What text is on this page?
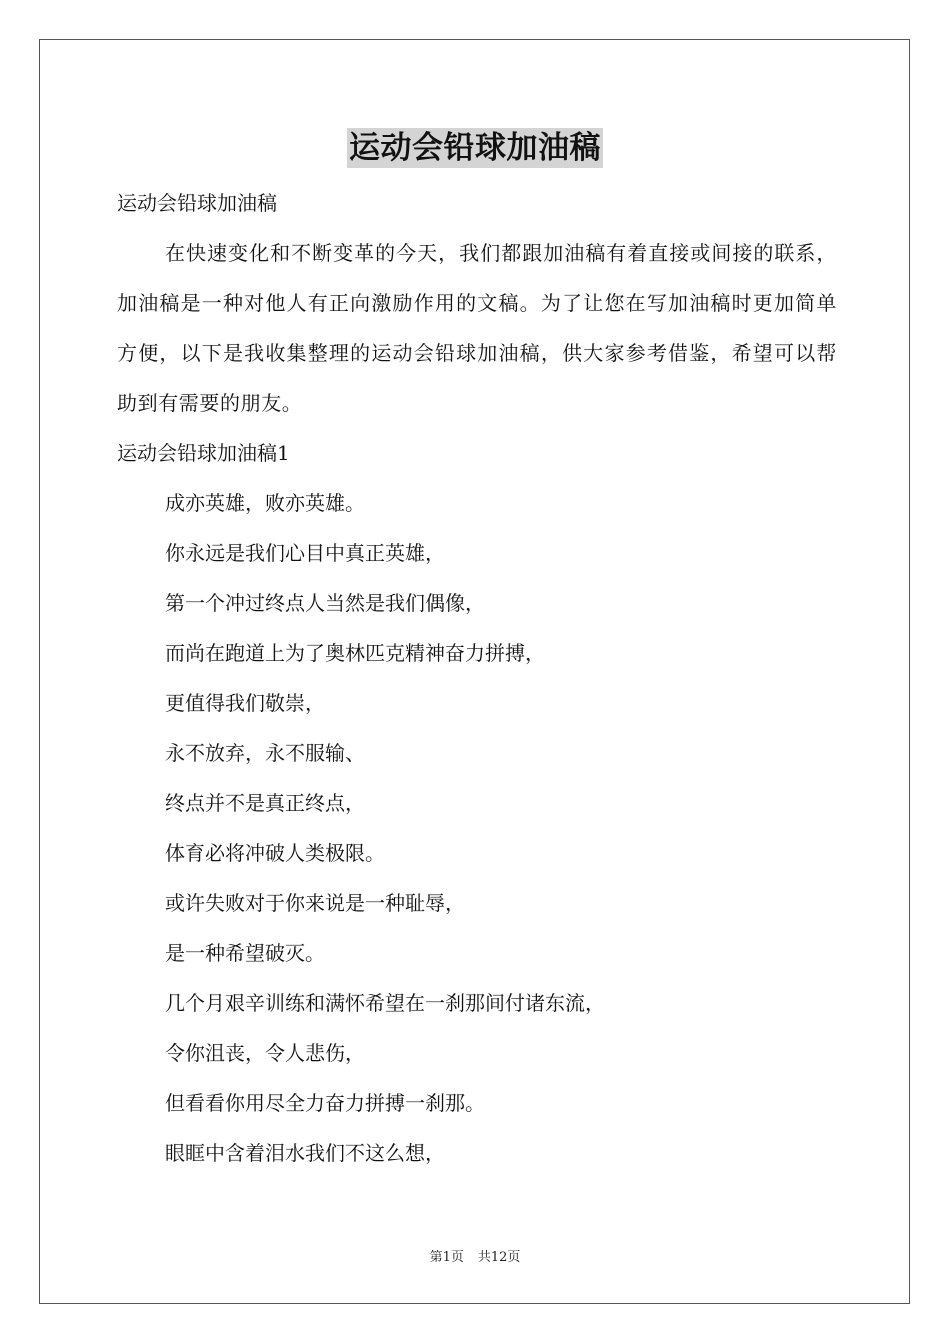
运动会铅球加油稿

运动会铅球加油稿

在快速变化和不断变革的今天，我们都跟加油稿有着直接或间接的联系，加油稿是一种对他人有正向激励作用的文稿。为了让您在写加油稿时更加简单方便，以下是我收集整理的运动会铅球加油稿，供大家参考借鉴，希望可以帮助到有需要的朋友。

运动会铅球加油稿1

成亦英雄，败亦英雄。

你永远是我们心目中真正英雄，

第一个冲过终点人当然是我们偶像，

而尚在跑道上为了奥林匹克精神奋力拼搏，

更值得我们敬崇，

永不放弃，永不服输、

终点并不是真正终点，

体育必将冲破人类极限。

或许失败对于你来说是一种耻辱，

是一种希望破灭。

几个月艰辛训练和满怀希望在一刹那间付诸东流，

令你沮丧，令人悲伤，

但看看你用尽全力奋力拼搏一刹那。

眼眶中含着泪水我们不这么想，

第1页 共12页
